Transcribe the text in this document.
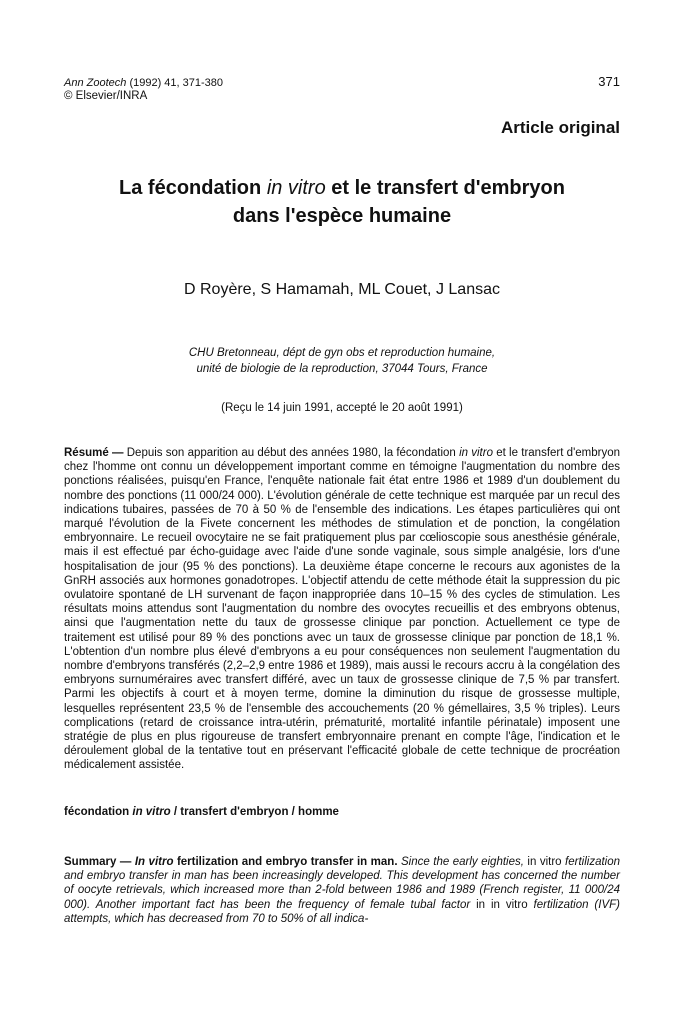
Ann Zootech (1992) 41, 371-380
© Elsevier/INRA
371
Article original
La fécondation in vitro et le transfert d'embryon
dans l'espèce humaine
D Royère, S Hamamah, ML Couet, J Lansac
CHU Bretonneau, dépt de gyn obs et reproduction humaine,
unité de biologie de la reproduction, 37044 Tours, France
(Reçu le 14 juin 1991, accepté le 20 août 1991)

Résumé — Depuis son apparition au début des années 1980, la fécondation in vitro et le transfert d'embryon chez l'homme ont connu un développement important comme en témoigne l'augmentation du nombre des ponctions réalisées, puisqu'en France, l'enquête nationale fait état entre 1986 et 1989 d'un doublement du nombre des ponctions (11 000/24 000). L'évolution générale de cette technique est marquée par un recul des indications tubaires, passées de 70 à 50 % de l'ensemble des indications. Les étapes particulières qui ont marqué l'évolution de la Fivete concernent les méthodes de stimulation et de ponction, la congélation embryonnaire. Le recueil ovocytaire ne se fait pratiquement plus par cœlioscopie sous anesthésie générale, mais il est effectué par écho-guidage avec l'aide d'une sonde vaginale, sous simple analgésie, lors d'une hospitalisation de jour (95 % des ponctions). La deuxième étape concerne le recours aux agonistes de la GnRH associés aux hormones gonadotropes. L'objectif attendu de cette méthode était la suppression du pic ovulatoire spontané de LH survenant de façon inappropriée dans 10–15 % des cycles de stimulation. Les résultats moins attendus sont l'augmentation du nombre des ovocytes recueillis et des embryons obtenus, ainsi que l'augmentation nette du taux de grossesse clinique par ponction. Actuellement ce type de traitement est utilisé pour 89 % des ponctions avec un taux de grossesse clinique par ponction de 18,1 %. L'obtention d'un nombre plus élevé d'embryons a eu pour conséquences non seulement l'augmentation du nombre d'embryons transférés (2,2–2,9 entre 1986 et 1989), mais aussi le recours accru à la congélation des embryons surnuméraires avec transfert différé, avec un taux de grossesse clinique de 7,5 % par transfert. Parmi les objectifs à court et à moyen terme, domine la diminution du risque de grossesse multiple, lesquelles représentent 23,5 % de l'ensemble des accouchements (20 % gémellaires, 3,5 % triples). Leurs complications (retard de croissance intra-utérin, prématurité, mortalité infantile périnatale) imposent une stratégie de plus en plus rigoureuse de transfert embryonnaire prenant en compte l'âge, l'indication et le déroulement global de la tentative tout en préservant l'efficacité globale de cette technique de procréation médicalement assistée.

fécondation in vitro / transfert d'embryon / homme

Summary — In vitro fertilization and embryo transfer in man. Since the early eighties, in vitro fertilization and embryo transfer in man has been increasingly developed. This development has concerned the number of oocyte retrievals, which increased more than 2-fold between 1986 and 1989 (French register, 11 000/24 000). Another important fact has been the frequency of female tubal factor in in vitro fertilization (IVF) attempts, which has decreased from 70 to 50% of all indica-
